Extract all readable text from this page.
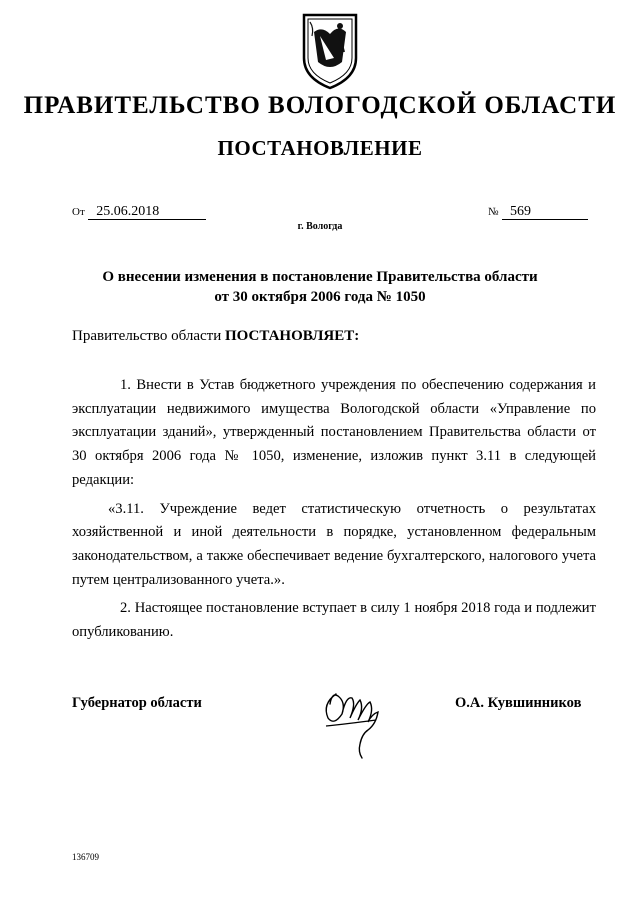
ПРАВИТЕЛЬСТВО ВОЛОГОДСКОЙ ОБЛАСТИ
ПОСТАНОВЛЕНИЕ
От 25.06.2018	№ 569
г. Вологда
О внесении изменения в постановление Правительства области
от 30 октября 2006 года № 1050
Правительство области ПОСТАНОВЛЯЕТ:

1. Внести в Устав бюджетного учреждения по обеспечению содержания и эксплуатации недвижимого имущества Вологодской области «Управление по эксплуатации зданий», утвержденный постановлением Правительства области от 30 октября 2006 года № 1050, изменение, изложив пункт 3.11 в следующей редакции:

«3.11. Учреждение ведет статистическую отчетность о результатах хозяйственной и иной деятельности в порядке, установленном федеральным законодательством, а также обеспечивает ведение бухгалтерского, налогового учета путем централизованного учета.».

2. Настоящее постановление вступает в силу 1 ноября 2018 года и подлежит опубликованию.

Губернатор области	О.А. Кувшинников
136709
